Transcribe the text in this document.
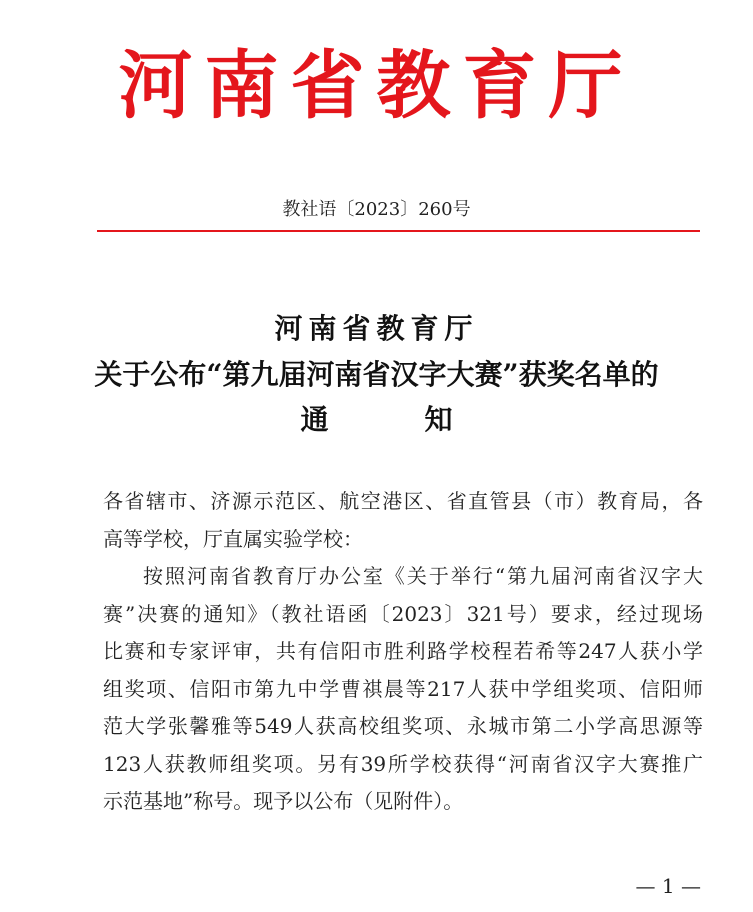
河南省教育厅
教社语〔2023〕260号
河南省教育厅
关于公布“第九届河南省汉字大赛”获奖名单的
通	知
各省辖市、济源示范区、航空港区、省直管县（市）教育局，各
高等学校，厅直属实验学校：
按照河南省教育厅办公室《关于举行“第九届河南省汉字大
赛”决赛的通知》（教社语函〔2023〕321号）要求，经过现场
比赛和专家评审，共有信阳市胜利路学校程若希等247人获小学
组奖项、信阳市第九中学曹祺晨等217人获中学组奖项、信阳师
范大学张馨雅等549人获高校组奖项、永城市第二小学高思源等
123人获教师组奖项。另有39所学校获得“河南省汉字大赛推广
示范基地”称号。现予以公布（见附件）。
— 1 —
